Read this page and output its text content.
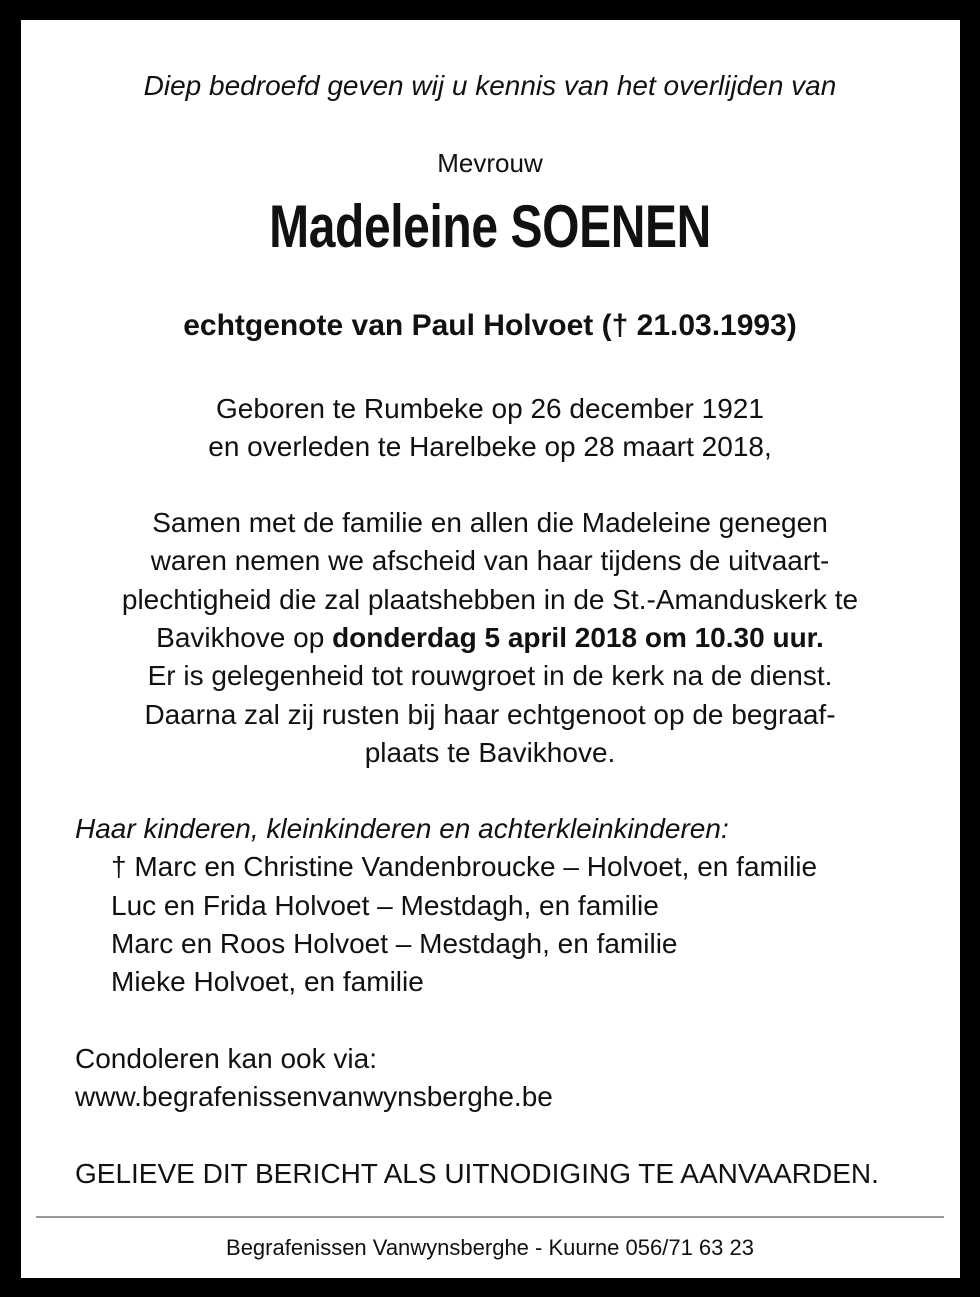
Diep bedroefd geven wij u kennis van het overlijden van

Mevrouw

Madeleine SOENEN

echtgenote van Paul Holvoet († 21.03.1993)

Geboren te Rumbeke op 26 december 1921

en overleden te Harelbeke op 28 maart 2018,

Samen met de familie en allen die Madeleine genegen

waren nemen we afscheid van haar tijdens de uitvaart-

plechtigheid die zal plaatshebben in de St.-Amanduskerk te

Bavikhove op donderdag 5 april 2018 om 10.30 uur.

Er is gelegenheid tot rouwgroet in de kerk na de dienst.

Daarna zal zij rusten bij haar echtgenoot op de begraaf-

plaats te Bavikhove.

Haar kinderen, kleinkinderen en achterkleinkinderen:

† Marc en Christine Vandenbroucke – Holvoet, en familie

Luc en Frida Holvoet – Mestdagh, en familie

Marc en Roos Holvoet – Mestdagh, en familie

Mieke Holvoet, en familie

Condoleren kan ook via:

www.begrafenissenvanwynsberghe.be

GELIEVE DIT BERICHT ALS UITNODIGING TE AANVAARDEN.

Begrafenissen Vanwynsberghe - Kuurne 056/71 63 23
